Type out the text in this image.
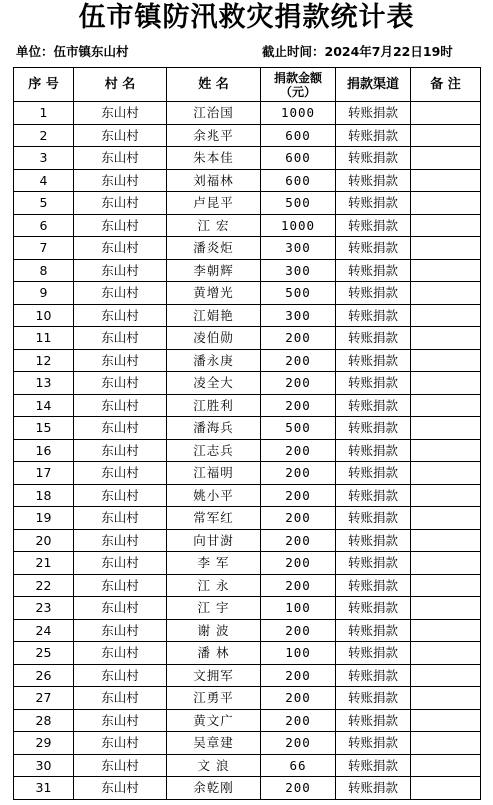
伍市镇防汛救灾捐款统计表
单位：伍市镇东山村	截止时间：2024年7月22日19时
序 号	村 名	姓 名	捐款金额
（元）	捐款渠道	备 注
1	东山村	江治国	1000	转账捐款	
2	东山村	余兆平	600	转账捐款	
3	东山村	朱本佳	600	转账捐款	
4	东山村	刘福林	600	转账捐款	
5	东山村	卢昆平	500	转账捐款	
6	东山村	江 宏	1000	转账捐款	
7	东山村	潘炎炬	300	转账捐款	
8	东山村	李朝辉	300	转账捐款	
9	东山村	黄增光	500	转账捐款	
10	东山村	江娟艳	300	转账捐款	
11	东山村	凌伯勋	200	转账捐款	
12	东山村	潘永庚	200	转账捐款	
13	东山村	凌全大	200	转账捐款	
14	东山村	江胜利	200	转账捐款	
15	东山村	潘海兵	500	转账捐款	
16	东山村	江志兵	200	转账捐款	
17	东山村	江福明	200	转账捐款	
18	东山村	姚小平	200	转账捐款	
19	东山村	常军红	200	转账捐款	
20	东山村	向甘澍	200	转账捐款	
21	东山村	李 军	200	转账捐款	
22	东山村	江 永	200	转账捐款	
23	东山村	江 宇	100	转账捐款	
24	东山村	谢 波	200	转账捐款	
25	东山村	潘 林	100	转账捐款	
26	东山村	文拥军	200	转账捐款	
27	东山村	江勇平	200	转账捐款	
28	东山村	黄文广	200	转账捐款	
29	东山村	吴章建	200	转账捐款	
30	东山村	文 浪	66	转账捐款	
31	东山村	余乾刚	200	转账捐款	
